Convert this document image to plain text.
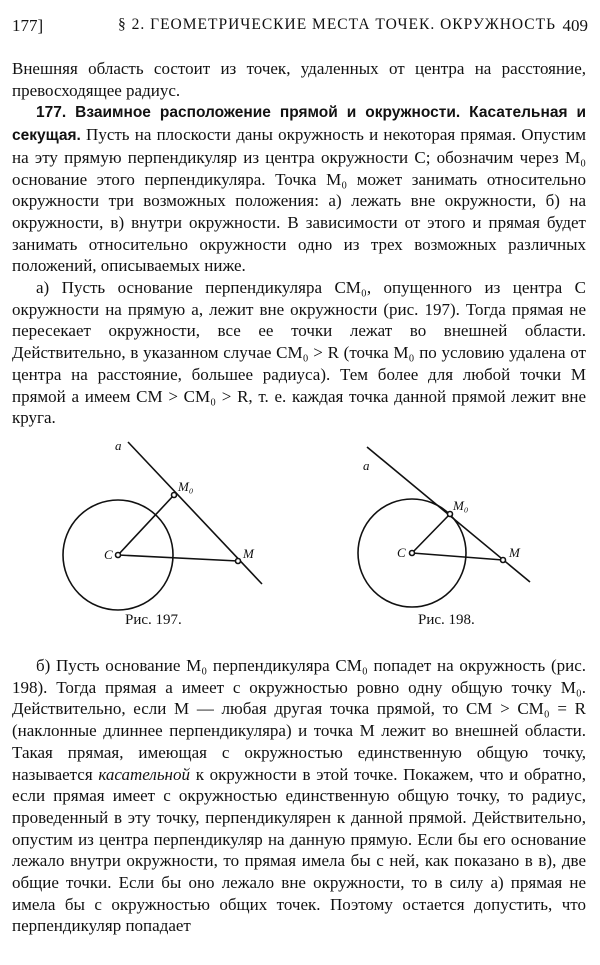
177]	§ 2. ГЕОМЕТРИЧЕСКИЕ МЕСТА ТОЧЕК. ОКРУЖНОСТЬ 409

Внешняя область состоит из точек, удаленных от центра на расстояние, превосходящее радиус.

177. Взаимное расположение прямой и окружности. Касательная и секущая. Пусть на плоскости даны окружность и некоторая прямая. Опустим на эту прямую перпендикуляр из центра окружности C; обозначим через M₀ основание этого перпендикуляра. Точка M₀ может занимать относительно окружности три возможных положения: а) лежать вне окружности, б) на окружности, в) внутри окружности. В зависимости от этого и прямая будет занимать относительно окружности одно из трех возможных различных положений, описываемых ниже.

а) Пусть основание перпендикуляра CM₀, опущенного из центра C окружности на прямую a, лежит вне окружности (рис. 197). Тогда прямая не пересекает окружности, все ее точки лежат во внешней области. Действительно, в указанном случае CM₀ > R (точка M₀ по условию удалена от центра на расстояние, большее радиуса). Тем более для любой точки M прямой a имеем CM > CM₀ > R, т. е. каждая точка данной прямой лежит вне круга.

a
M₀
C	M
a
M₀
C	M
Рис. 197.	Рис. 198.

б) Пусть основание M₀ перпендикуляра CM₀ попадет на окружность (рис. 198). Тогда прямая a имеет с окружностью ровно одну общую точку M₀. Действительно, если M — любая другая точка прямой, то CM > CM₀ = R (наклонные длиннее перпендикуляра) и точка M лежит во внешней области. Такая прямая, имеющая с окружностью единственную общую точку, называется касательной к окружности в этой точке. Покажем, что и обратно, если прямая имеет с окружностью единственную общую точку, то радиус, проведенный в эту точку, перпендикулярен к данной прямой. Действительно, опустим из центра перпендикуляр на данную прямую. Если бы его основание лежало внутри окружности, то прямая имела бы с ней, как показано в в), две общие точки. Если бы оно лежало вне окружности, то в силу а) прямая не имела бы с окружностью общих точек. Поэтому остается допустить, что перпендикуляр попадает
